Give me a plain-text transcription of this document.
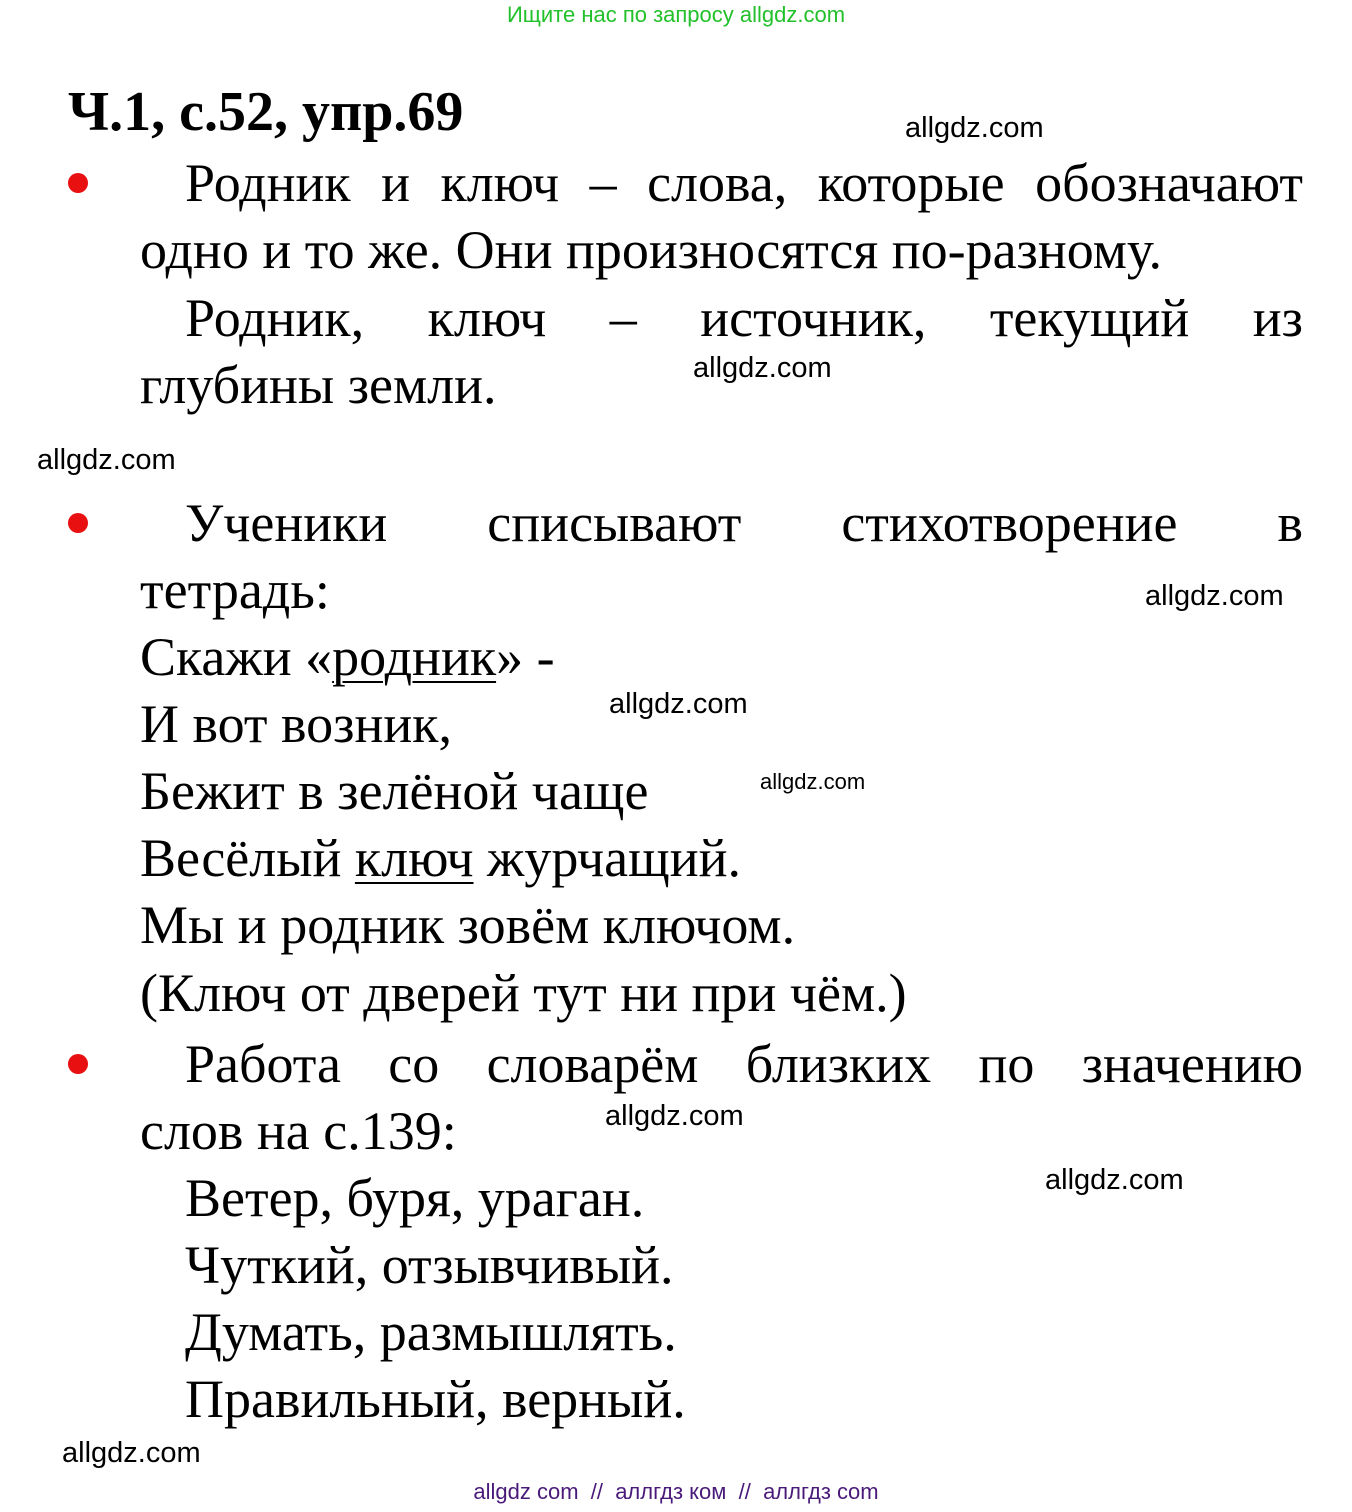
Ищите нас по запросу allgdz.com
Ч.1, с.52, упр.69
Родник и ключ – слова, которые обозначают
одно и то же. Они произносятся по-разному.
Родник, ключ – источник, текущий из
глубины земли.
Ученики списывают стихотворение в
тетрадь:
Скажи «родник» -
И вот возник,
Бежит в зелёной чаще
Весёлый ключ журчащий.
Мы и родник зовём ключом.
(Ключ от дверей тут ни при чём.)
Работа со словарём близких по значению
слов на с.139:
Ветер, буря, ураган.
Чуткий, отзывчивый.
Думать, размышлять.
Правильный, верный.
allgdz.com
allgdz.com
allgdz.com
allgdz.com
allgdz.com
allgdz.com
allgdz.com
allgdz.com
allgdz.com
allgdz com  //  аллгдз ком  //  аллгдз com
